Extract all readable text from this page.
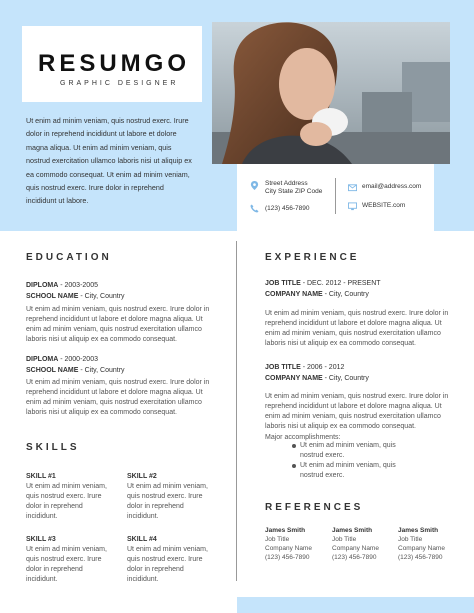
Emma
RESUMGO
GRAPHIC DESIGNER
Ut enim ad minim veniam, quis nostrud exerc. Irure dolor in reprehend incididunt ut labore et dolore magna aliqua. Ut enim ad minim veniam, quis nostrud exercitation ullamco laboris nisi ut aliquip ex ea commodo consequat. Ut enim ad minim veniam, quis nostrud exerc. Irure dolor in reprehend incididunt ut labore.
Street Address
City State ZIP Code
(123) 456-7890
email@address.com
WEBSITE.com
EDUCATION
DIPLOMA - 2003-2005
SCHOOL NAME - City, Country
Ut enim ad minim veniam, quis nostrud exerc. Irure dolor in reprehend incididunt ut labore et dolore magna aliqua. Ut enim ad minim veniam, quis nostrud exercitation ullamco laboris nisi ut aliquip ex ea commodo consequat.
DIPLOMA - 2000-2003
SCHOOL NAME - City, Country
Ut enim ad minim veniam, quis nostrud exerc. Irure dolor in reprehend incididunt ut labore et dolore magna aliqua. Ut enim ad minim veniam, quis nostrud exercitation ullamco laboris nisi ut aliquip ex ea commodo consequat.
SKILLS
SKILL #1
Ut enim ad minim veniam, quis nostrud exerc. Irure dolor in reprehend incididunt.
SKILL #2
Ut enim ad minim veniam, quis nostrud exerc. Irure dolor in reprehend incididunt.
SKILL #3
Ut enim ad minim veniam, quis nostrud exerc. Irure dolor in reprehend incididunt.
SKILL #4
Ut enim ad minim veniam, quis nostrud exerc. Irure dolor in reprehend incididunt.
EXPERIENCE
JOB TITLE - DEC. 2012 - PRESENT
COMPANY NAME - City, Country
Ut enim ad minim veniam, quis nostrud exerc. Irure dolor in reprehend incididunt ut labore et dolore magna aliqua. Ut enim ad minim veniam, quis nostrud exercitation ullamco laboris nisi ut aliquip ex ea commodo consequat.
JOB TITLE - 2006 - 2012
COMPANY NAME - City, Country
Ut enim ad minim veniam, quis nostrud exerc. Irure dolor in reprehend incididunt ut labore et dolore magna aliqua. Ut enim ad minim veniam, quis nostrud exercitation ullamco laboris nisi ut aliquip ex ea commodo consequat.
Major accomplishments:
Ut enim ad minim veniam, quis nostrud exerc.
Ut enim ad minim veniam, quis nostrud exerc.
REFERENCES
James Smith
Job Title
Company Name
(123) 456-7890
James Smith
Job Title
Company Name
(123) 456-7890
James Smith
Job Title
Company Name
(123) 456-7890
